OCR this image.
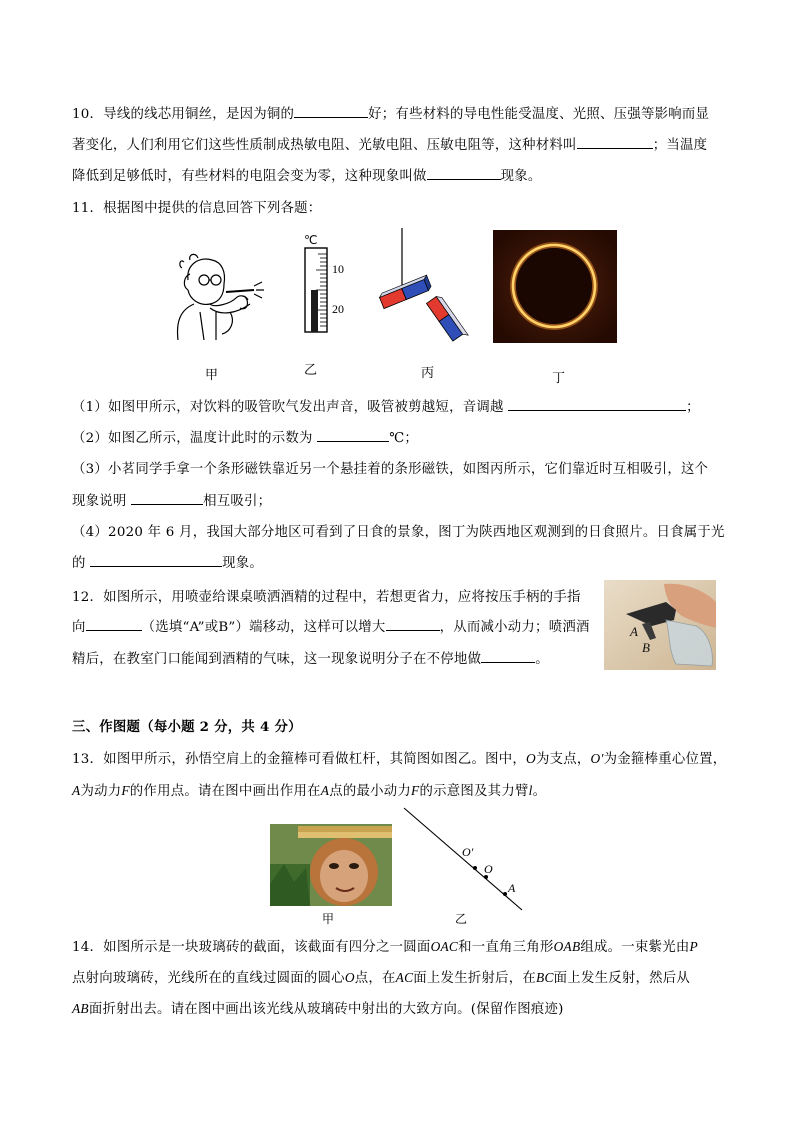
10．导线的线芯用铜丝，是因为铜的	好；有些材料的导电性能受温度、光照、压强等影响而显
著变化，人们利用它们这些性质制成热敏电阻、光敏电阻、压敏电阻等，这种材料叫	；当温度
降低到足够低时，有些材料的电阻会变为零，这种现象叫做	现象。
11．根据图中提供的信息回答下列各题：
℃
10
20
甲	乙	丙	丁
（1）如图甲所示，对饮料的吸管吹气发出声音，吸管被剪越短，音调越	；
（2）如图乙所示，温度计此时的示数为	℃；
（3）小茗同学手拿一个条形磁铁靠近另一个悬挂着的条形磁铁，如图丙所示，它们靠近时互相吸引，这个
现象说明	相互吸引；
（4）2020 年 6 月，我国大部分地区可看到了日食的景象，图丁为陕西地区观测到的日食照片。日食属于光
的	现象。
12．如图所示，用喷壶给课桌喷洒酒精的过程中，若想更省力，应将按压手柄的手指
向	（选填“A”或B”）端移动，这样可以增大	，从而减小动力；喷洒酒
精后，在教室门口能闻到酒精的气味，这一现象说明分子在不停地做	。
A
B
三、作图题（每小题 2 分，共 4 分）
13．如图甲所示，孙悟空肩上的金箍棒可看做杠杆，其简图如图乙。图中，O为支点，O′为金箍棒重心位置，
A为动力F的作用点。请在图中画出作用在A点的最小动力F的示意图及其力臂l。
O′
O
A
甲	乙
14．如图所示是一块玻璃砖的截面，该截面有四分之一圆面OAC和一直角三角形OAB组成。一束紫光由P
点射向玻璃砖，光线所在的直线过圆面的圆心O点，在AC面上发生折射后，在BC面上发生反射，然后从
AB面折射出去。请在图中画出该光线从玻璃砖中射出的大致方向。(保留作图痕迹)
